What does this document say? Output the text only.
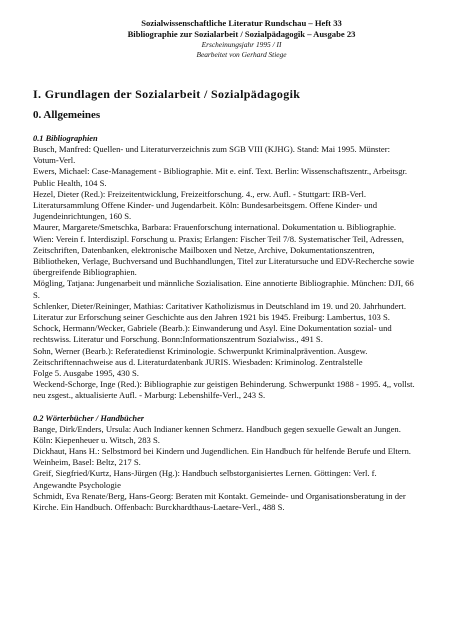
Sozialwissenschaftliche Literatur Rundschau – Heft 33
Bibliographie zur Sozialarbeit / Sozialpädagogik – Ausgabe 23
Erscheinungsjahr 1995 / II
Bearbeitet von Gerhard Stiege
I. Grundlagen der Sozialarbeit / Sozialpädagogik
0. Allgemeines
0.1 Bibliographien

Busch, Manfred: Quellen- und Literaturverzeichnis zum SGB VIII (KJHG). Stand: Mai 1995. Münster: Votum-Verl.

Ewers, Michael: Case-Management - Bibliographie. Mit e. einf. Text. Berlin: Wissenschaftszentr., Arbeitsgr. Public Health, 104 S.

Hezel, Dieter (Red.): Freizeitentwicklung, Freizeitforschung. 4., erw. Aufl. - Stuttgart: IRB-Verl.

Literatursammlung Offene Kinder- und Jugendarbeit. Köln: Bundesarbeitsgem. Offene Kinder- und Jugendeinrichtungen, 160 S.

Maurer, Margarete/Smetschka, Barbara: Frauenforschung international. Dokumentation u. Bibliographie. Wien: Verein f. Interdiszipl. Forschung u. Praxis; Erlangen: Fischer Teil 7/8. Systematischer Teil, Adressen, Zeitschriften, Datenbanken, elektronische Mailboxen und Netze, Archive, Dokumentationszentren, Bibliotheken, Verlage, Buchversand und Buchhandlungen, Titel zur Literatursuche und EDV-Recherche sowie übergreifende Bibliographien.

Mögling, Tatjana: Jungenarbeit und männliche Sozialisation. Eine annotierte Bibliographie. München: DJI, 66 S.

Schlenker, Dieter/Reininger, Mathias: Caritativer Katholizismus in Deutschland im 19. und 20. Jahrhundert. Literatur zur Erforschung seiner Geschichte aus den Jahren 1921 bis 1945. Freiburg: Lambertus, 103 S.

Schock, Hermann/Wecker, Gabriele (Bearb.): Einwanderung und Asyl. Eine Dokumentation sozial- und rechtswiss. Literatur und Forschung. Bonn:Informationszentrum Sozialwiss., 491 S.

Sohn, Werner (Bearb.): Referatedienst Kriminologie. Schwerpunkt Kriminalprävention. Ausgew. Zeitschriftennachweise aus d. Literaturdatenbank JURIS. Wiesbaden: Kriminolog. Zentralstelle

Folge 5. Ausgabe 1995, 430 S.

Weckend-Schorge, Inge (Red.): Bibliographie zur geistigen Behinderung. Schwerpunkt 1988 - 1995. 4,, vollst. neu zsgest., aktualisierte Aufl. - Marburg: Lebenshilfe-Verl., 243 S.

0.2 Wörterbücher / Handbücher

Bange, Dirk/Enders, Ursula: Auch Indianer kennen Schmerz. Handbuch gegen sexuelle Gewalt an Jungen. Köln: Kiepenheuer u. Witsch, 283 S.

Dickhaut, Hans H.: Selbstmord bei Kindern und Jugendlichen. Ein Handbuch für helfende Berufe und Eltern. Weinheim, Basel: Beltz, 217 S.

Greif, Siegfried/Kurtz, Hans-Jürgen (Hg.): Handbuch selbstorganisiertes Lernen. Göttingen: Verl. f. Angewandte Psychologie

Schmidt, Eva Renate/Berg, Hans-Georg: Beraten mit Kontakt. Gemeinde- und Organisationsberatung in der Kirche. Ein Handbuch. Offenbach: Burckhardthaus-Laetare-Verl., 488 S.
